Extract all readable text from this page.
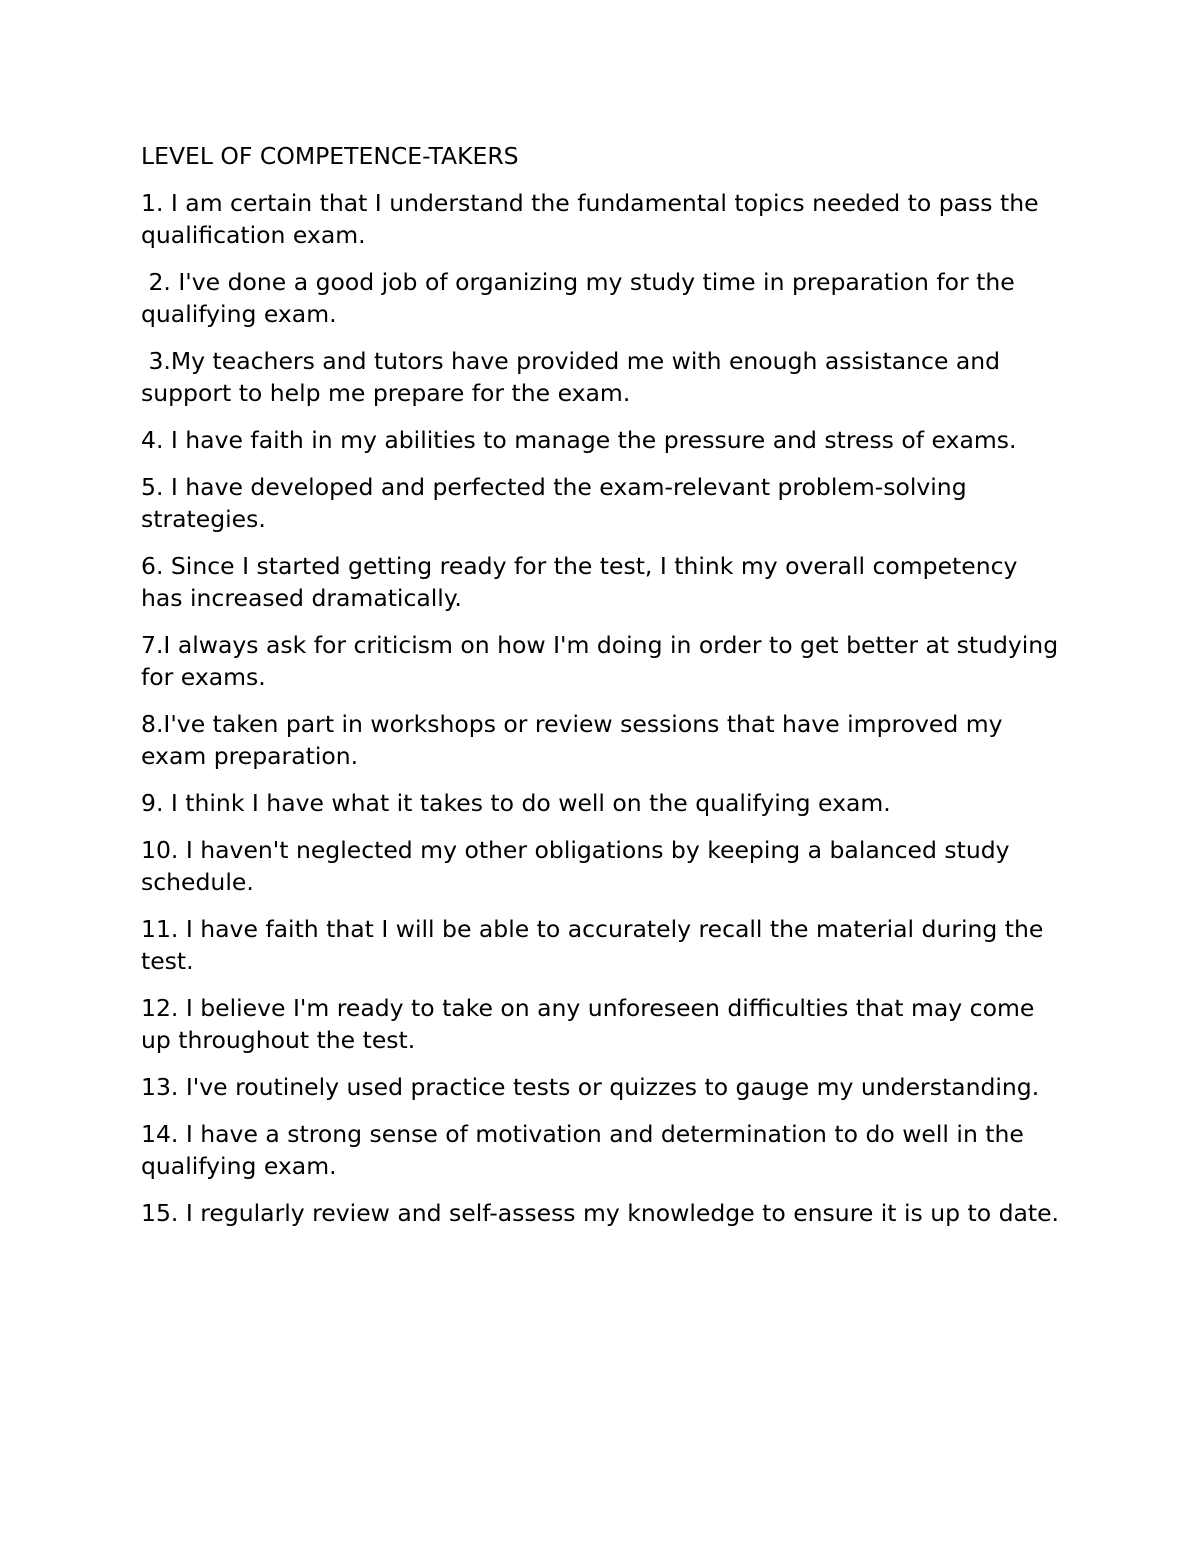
LEVEL OF COMPETENCE-TAKERS

1. I am certain that I understand the fundamental topics needed to pass the qualification exam.

2. I've done a good job of organizing my study time in preparation for the qualifying exam.

3.My teachers and tutors have provided me with enough assistance and support to help me prepare for the exam.

4. I have faith in my abilities to manage the pressure and stress of exams.

5. I have developed and perfected the exam-relevant problem-solving strategies.

6. Since I started getting ready for the test, I think my overall competency has increased dramatically.

7.I always ask for criticism on how I'm doing in order to get better at studying for exams.

8.I've taken part in workshops or review sessions that have improved my exam preparation.

9. I think I have what it takes to do well on the qualifying exam.

10. I haven't neglected my other obligations by keeping a balanced study schedule.

11. I have faith that I will be able to accurately recall the material during the test.

12. I believe I'm ready to take on any unforeseen difficulties that may come up throughout the test.

13. I've routinely used practice tests or quizzes to gauge my understanding.

14. I have a strong sense of motivation and determination to do well in the qualifying exam.

15. I regularly review and self-assess my knowledge to ensure it is up to date.
